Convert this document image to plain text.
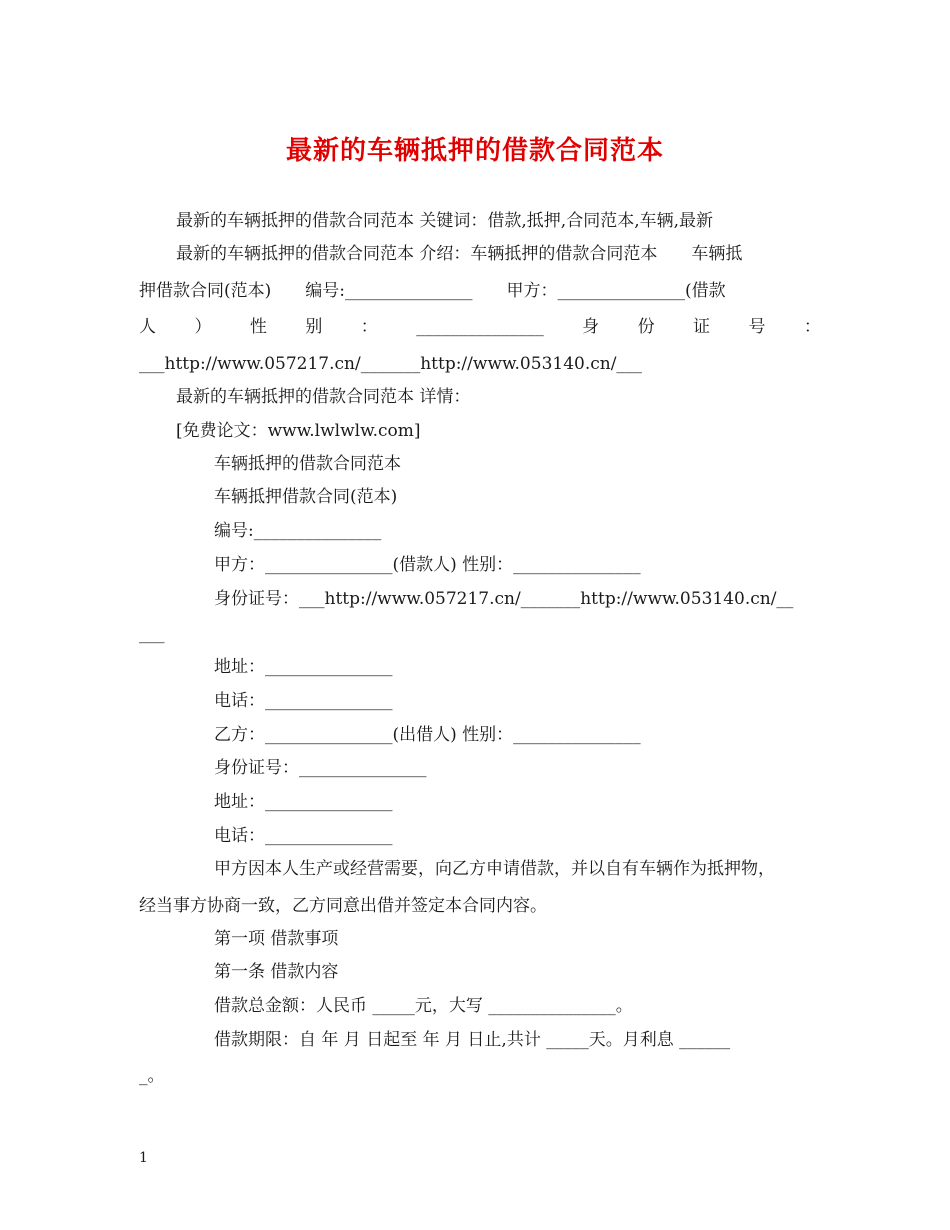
最新的车辆抵押的借款合同范本

最新的车辆抵押的借款合同范本 关键词：借款,抵押,合同范本,车辆,最新

最新的车辆抵押的借款合同范本 介绍：车辆抵押的借款合同范本　　车辆抵

押借款合同(范本)　　编号:_______________　　甲方：_______________(借款

人 ） 性 别 ： _______________ 身 份 证 号 ：

___http://www.057217.cn/_______http://www.053140.cn/___

最新的车辆抵押的借款合同范本 详情：

[免费论文：www.lwlwlw.com]

车辆抵押的借款合同范本

车辆抵押借款合同(范本)

编号:_______________

甲方：_______________(借款人) 性别：_______________

身份证号：___http://www.057217.cn/_______http://www.053140.cn/__

___

地址：_______________

电话：_______________

乙方：_______________(出借人) 性别：_______________

身份证号：_______________

地址：_______________

电话：_______________

甲方因本人生产或经营需要，向乙方申请借款，并以自有车辆作为抵押物，

经当事方协商一致，乙方同意出借并签定本合同内容。

第一项 借款事项

第一条 借款内容

借款总金额：人民币 _____元，大写 _______________。

借款期限：自 年 月 日起至 年 月 日止,共计 _____天。月利息 ______

_。

1
